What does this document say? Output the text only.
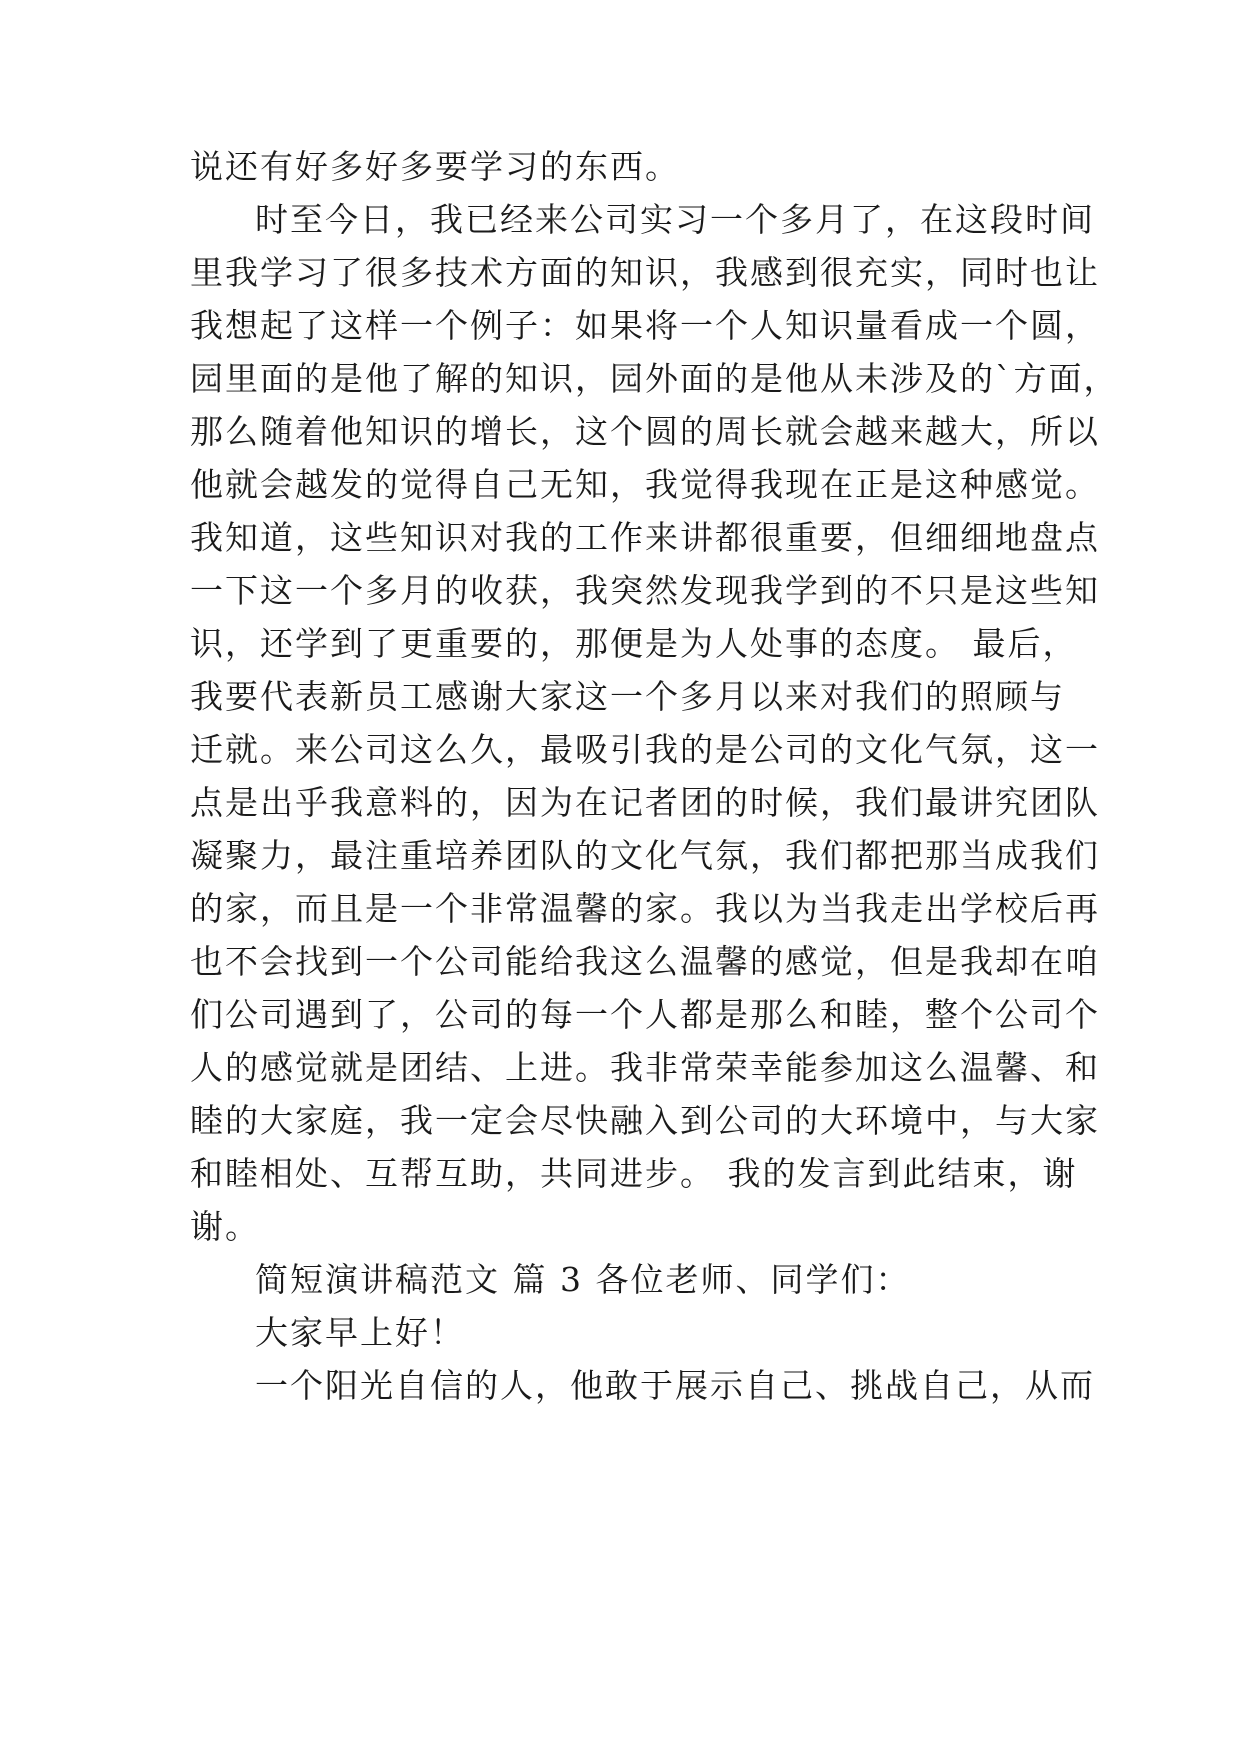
说还有好多好多要学习的东西。
时至今日，我已经来公司实习一个多月了，在这段时间
里我学习了很多技术方面的知识，我感到很充实，同时也让
我想起了这样一个例子：如果将一个人知识量看成一个圆，
园里面的是他了解的知识，园外面的是他从未涉及的`方面，
那么随着他知识的增长，这个圆的周长就会越来越大，所以
他就会越发的觉得自己无知，我觉得我现在正是这种感觉。
我知道，这些知识对我的工作来讲都很重要，但细细地盘点
一下这一个多月的收获，我突然发现我学到的不只是这些知
识，还学到了更重要的，那便是为人处事的态度。 最后，
我要代表新员工感谢大家这一个多月以来对我们的照顾与
迁就。来公司这么久，最吸引我的是公司的文化气氛，这一
点是出乎我意料的，因为在记者团的时候，我们最讲究团队
凝聚力，最注重培养团队的文化气氛，我们都把那当成我们
的家，而且是一个非常温馨的家。我以为当我走出学校后再
也不会找到一个公司能给我这么温馨的感觉，但是我却在咱
们公司遇到了，公司的每一个人都是那么和睦，整个公司个
人的感觉就是团结、上进。我非常荣幸能参加这么温馨、和
睦的大家庭，我一定会尽快融入到公司的大环境中，与大家
和睦相处、互帮互助，共同进步。 我的发言到此结束，谢
谢。
简短演讲稿范文 篇 3 各位老师、同学们：
大家早上好！
一个阳光自信的人，他敢于展示自己、挑战自己，从而
